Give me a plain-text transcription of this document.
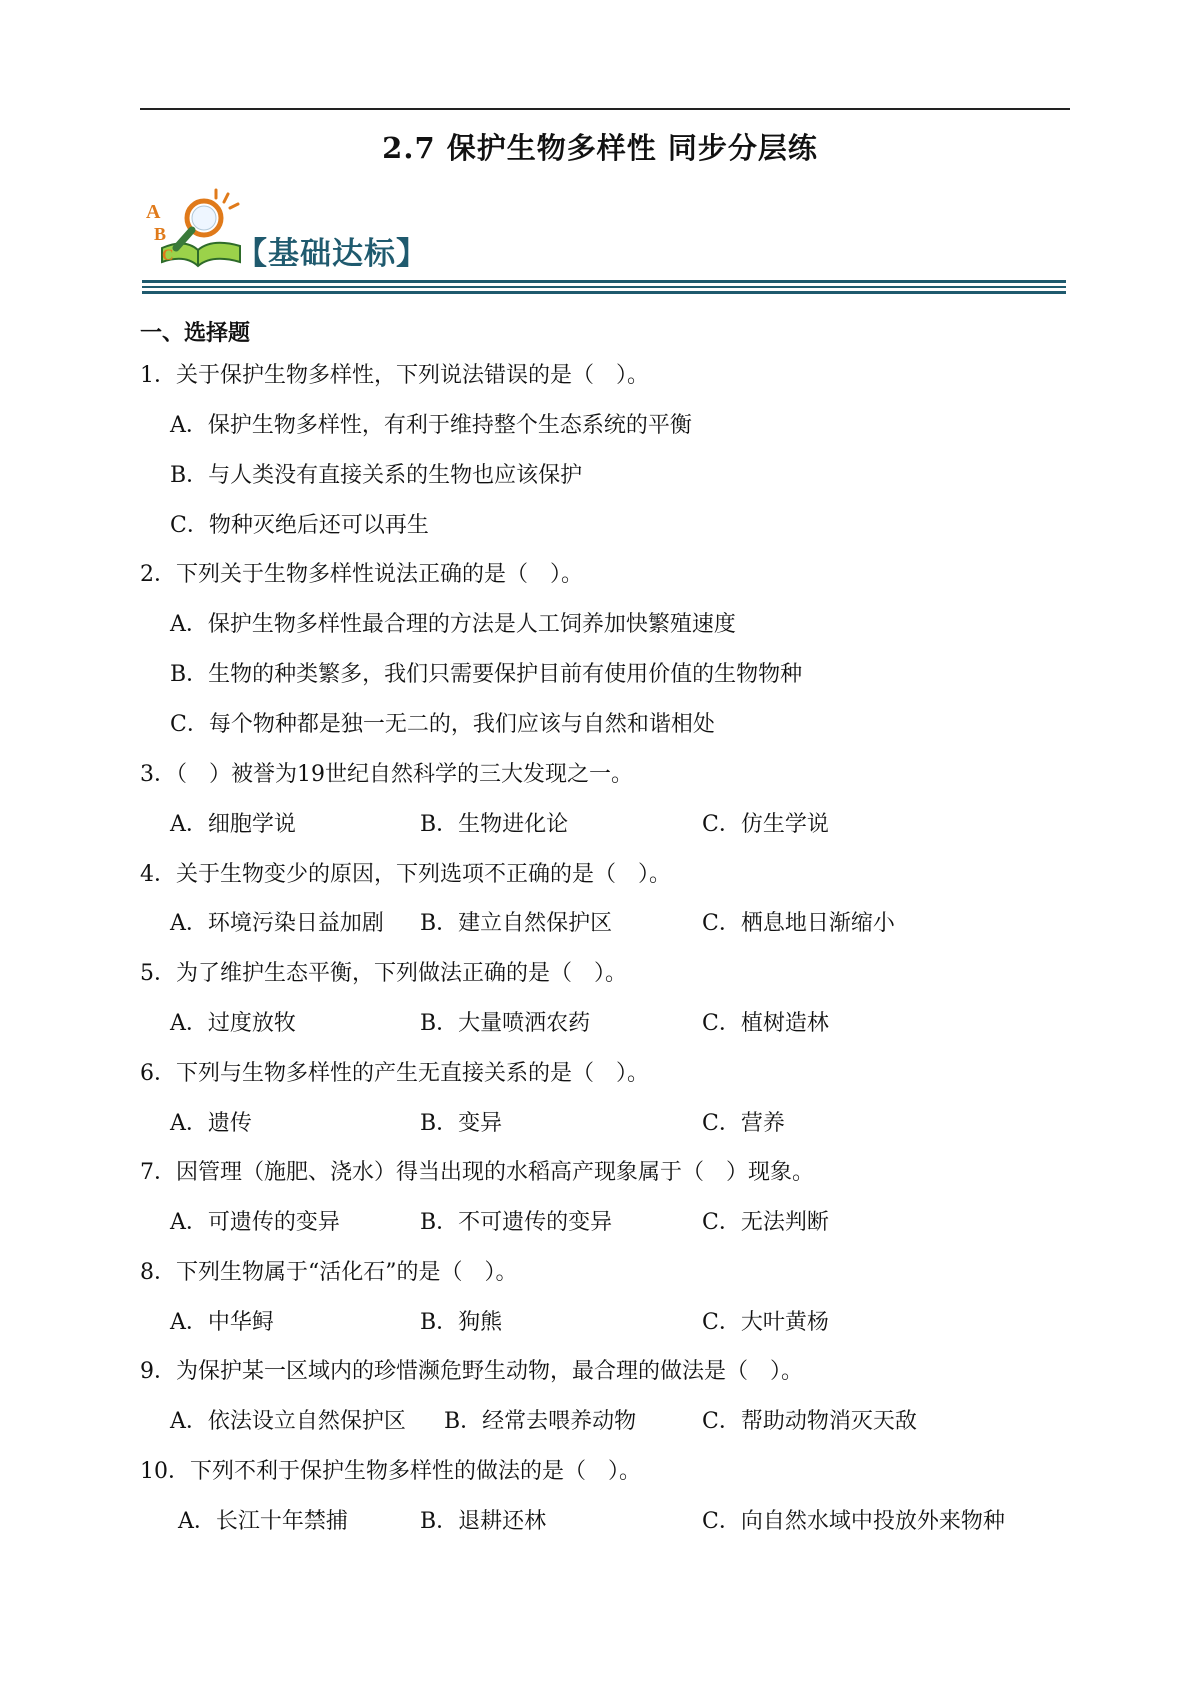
2.7 保护生物多样性 同步分层练
A
B
C 【基础达标】
一、选择题
1．关于保护生物多样性，下列说法错误的是（　）。
A．保护生物多样性，有利于维持整个生态系统的平衡
B．与人类没有直接关系的生物也应该保护
C．物种灭绝后还可以再生
2．下列关于生物多样性说法正确的是（　）。
A．保护生物多样性最合理的方法是人工饲养加快繁殖速度
B．生物的种类繁多，我们只需要保护目前有使用价值的生物物种
C．每个物种都是独一无二的，我们应该与自然和谐相处
3．（　）被誉为19世纪自然科学的三大发现之一。
A．细胞学说	B．生物进化论	C．仿生学说
4．关于生物变少的原因，下列选项不正确的是（　）。
A．环境污染日益加剧 B．建立自然保护区	C．栖息地日渐缩小
5．为了维护生态平衡，下列做法正确的是（　）。
A．过度放牧	B．大量喷洒农药	C．植树造林
6．下列与生物多样性的产生无直接关系的是（　）。
A．遗传	B．变异	C．营养
7．因管理（施肥、浇水）得当出现的水稻高产现象属于（　）现象。
A．可遗传的变异	B．不可遗传的变异	C．无法判断
8．下列生物属于“活化石”的是（　）。
A．中华鲟	B．狗熊	C．大叶黄杨
9．为保护某一区域内的珍惜濒危野生动物，最合理的做法是（　）。
A．依法设立自然保护区 B．经常去喂养动物	C．帮助动物消灭天敌
10．下列不利于保护生物多样性的做法的是（　）。
A．长江十年禁捕	B．退耕还林	C．向自然水域中投放外来物种
